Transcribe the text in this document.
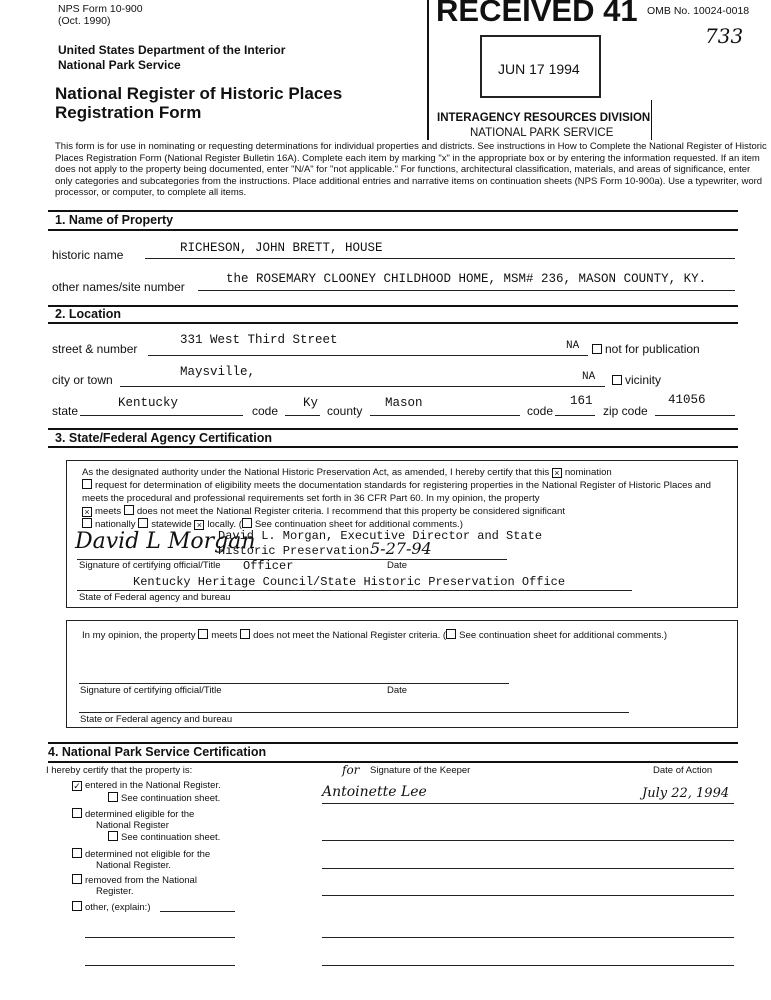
NPS Form 10-900
(Oct. 1990)
United States Department of the Interior
National Park Service
National Register of Historic Places
Registration Form
OMB No. 10024-0018
733
RECEIVED 41
JUN 17 1994
INTERAGENCY RESOURCES DIVISION
NATIONAL PARK SERVICE
This form is for use in nominating or requesting determinations for individual properties and districts. See instructions in How to Complete the National Register of Historic Places Registration Form (National Register Bulletin 16A). Complete each item by marking "x" in the appropriate box or by entering the information requested. If an item does not apply to the property being documented, enter "N/A" for "not applicable." For functions, architectural classification, materials, and areas of significance, enter only categories and subcategories from the instructions. Place additional entries and narrative items on continuation sheets (NPS Form 10-900a). Use a typewriter, word processor, or computer, to complete all items.
1. Name of Property
historic name	RICHESON, JOHN BRETT, HOUSE
other names/site number
the ROSEMARY CLOONEY CHILDHOOD HOME, MSM# 236, MASON COUNTY, KY.
2. Location
street & number
331 West Third Street	NA	not for publication
city or town
Maysville,	NA	vicinity
state
Kentucky
code
Ky
county
Mason
code
161
zip code
41056
3. State/Federal Agency Certification
As the designated authority under the National Historic Preservation Act, as amended, I hereby certify that this × nomination
request for determination of eligibility meets the documentation standards for registering properties in the National Register of Historic Places and meets the procedural and professional requirements set forth in 36 CFR Part 60. In my opinion, the property
× meets does not meet the National Register criteria. I recommend that this property be considered significant
nationally statewide × locally. ( See continuation sheet for additional comments.)
David L Morgan
David L. Morgan, Executive Director and State
Historic Preservation 5-27-94
Signature of certifying official/Title Officer	Date
Kentucky Heritage Council/State Historic Preservation Office
State of Federal agency and bureau
In my opinion, the property meets does not meet the National Register criteria. ( See continuation sheet for additional comments.)
Signature of certifying official/Title	Date
State or Federal agency and bureau
4. National Park Service Certification
I hereby certify that the property is:	for Signature of the Keeper	Date of Action
Antoinette Lee	July 22, 1994
✓ entered in the National Register.
See continuation sheet.
determined eligible for the
National Register
See continuation sheet.
determined not eligible for the
National Register.
removed from the National
Register.
other, (explain:)
